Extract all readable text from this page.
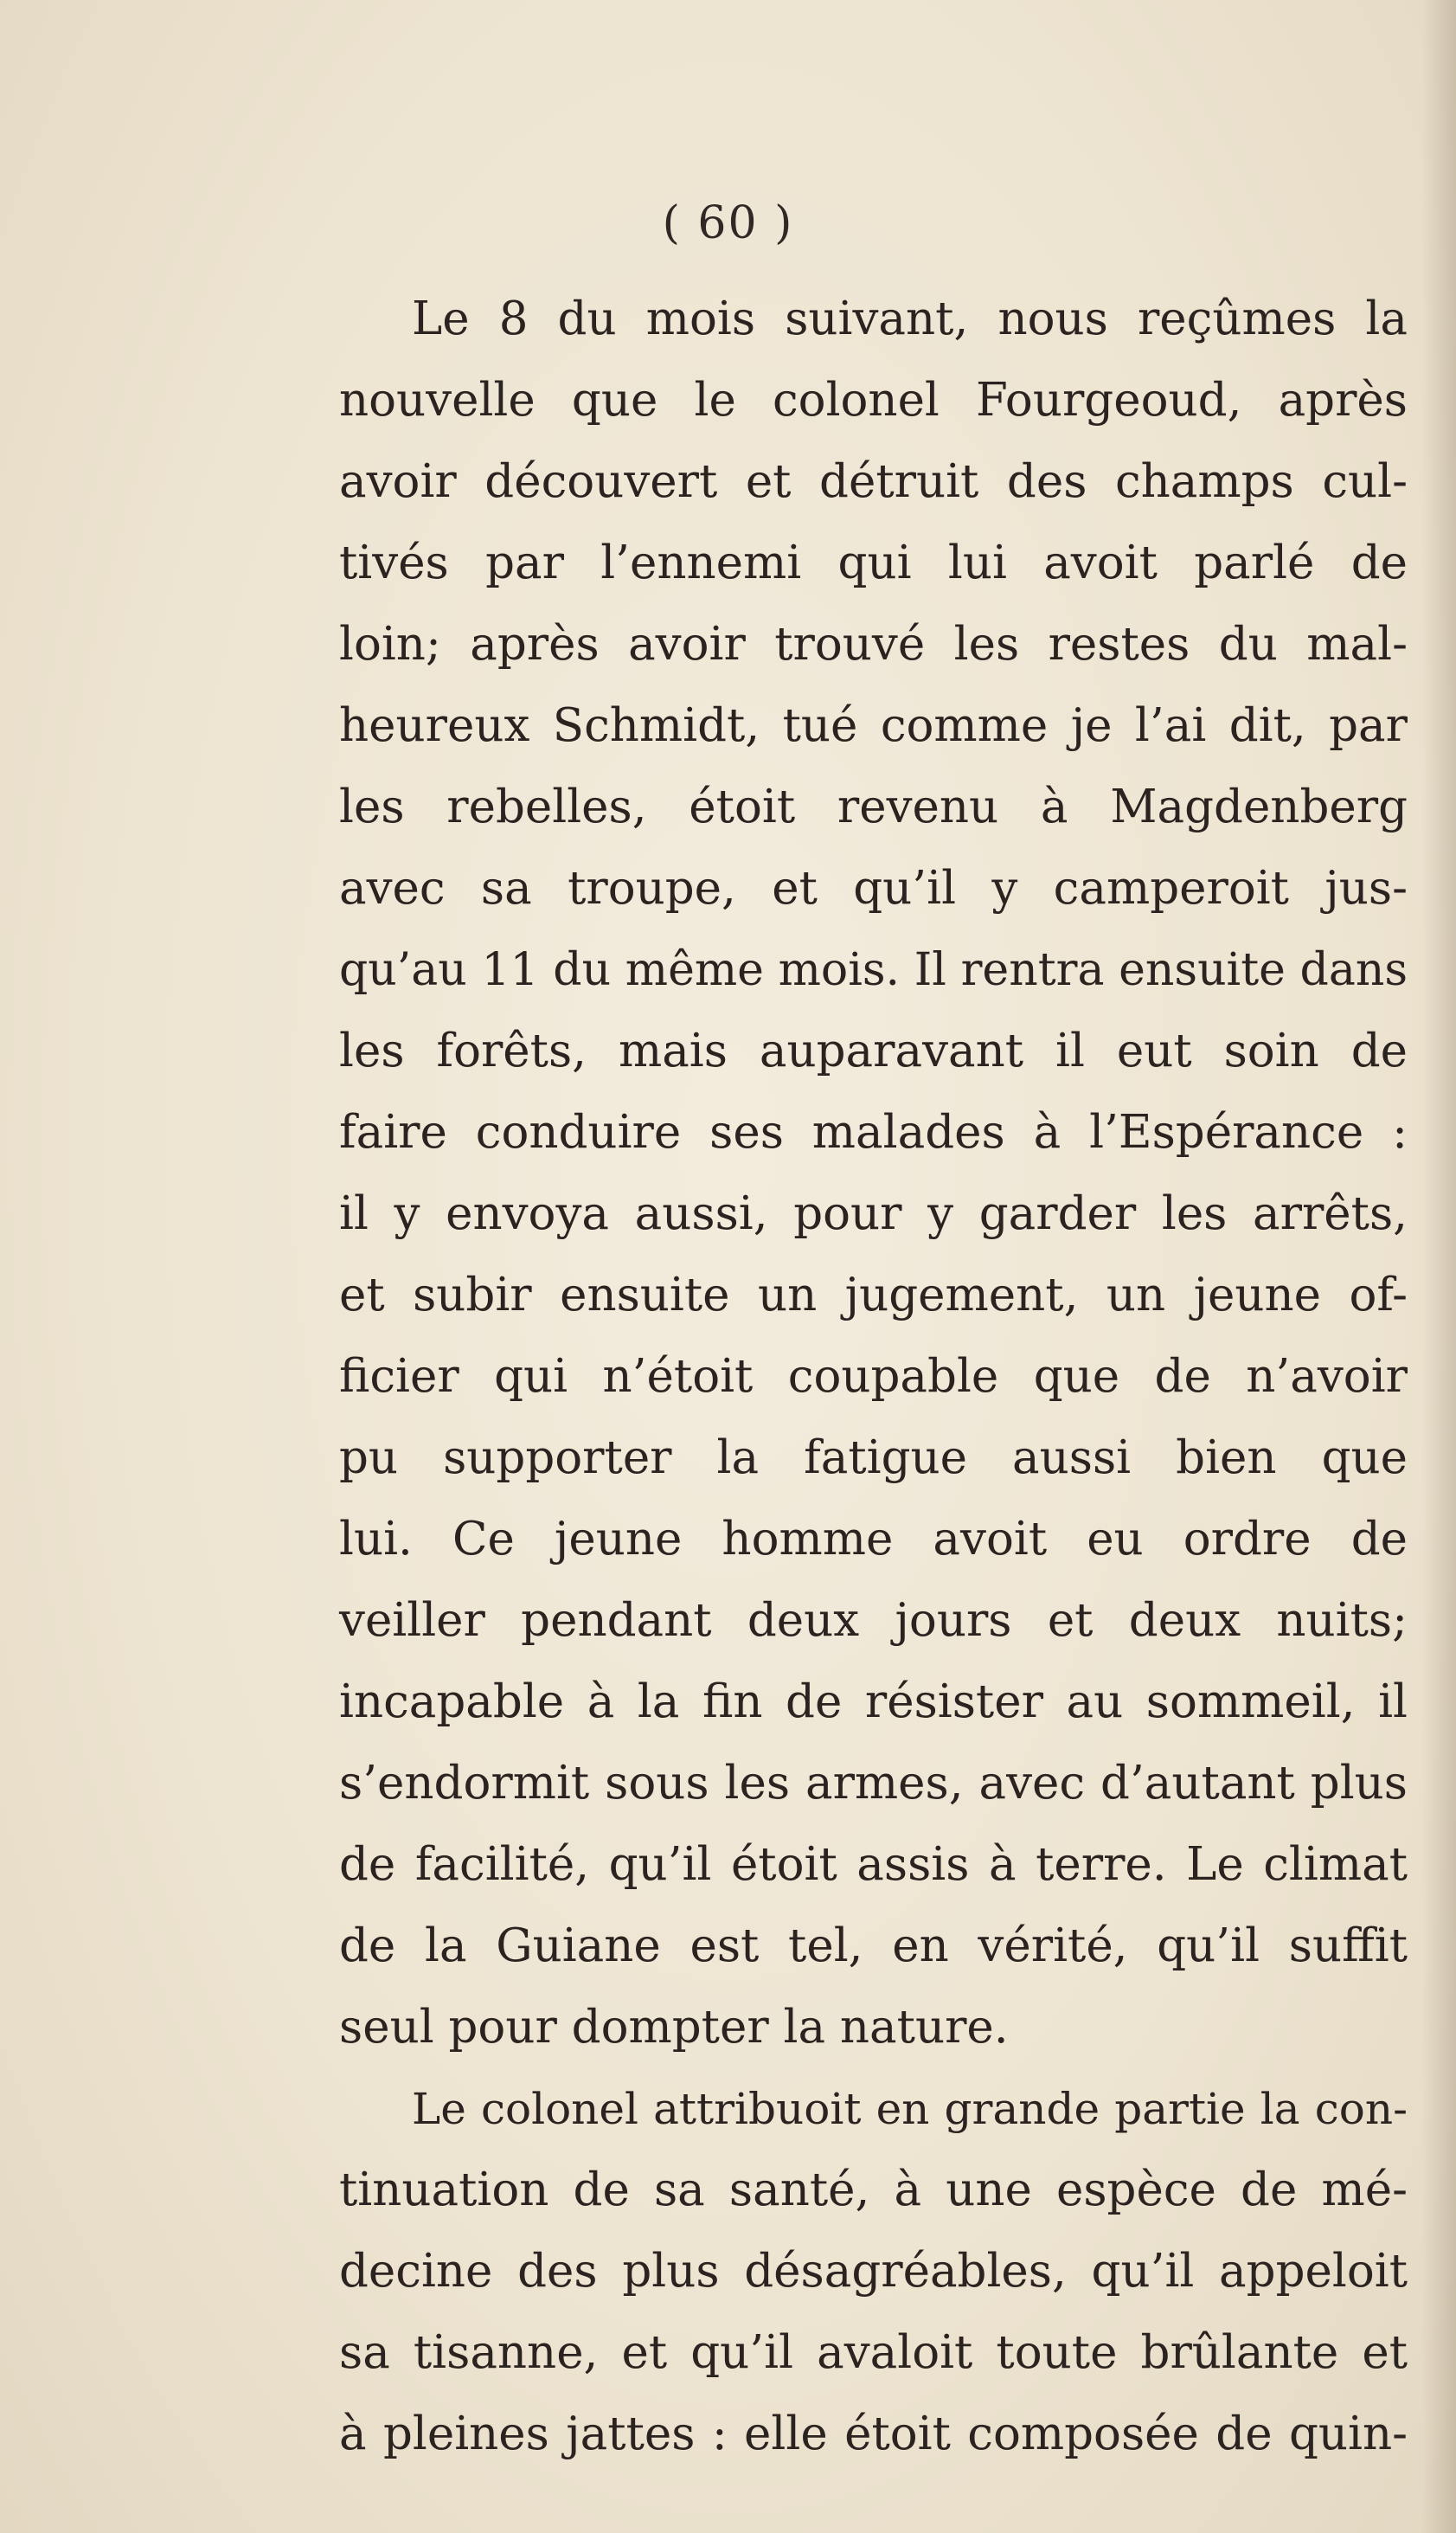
( 60 )
Le 8 du mois suivant, nous reçûmes la
nouvelle que le colonel Fourgeoud, après
avoir découvert et détruit des champs cul-
tivés par l’ennemi qui lui avoit parlé de
loin; après avoir trouvé les restes du mal-
heureux Schmidt, tué comme je l’ai dit, par
les rebelles, étoit revenu à Magdenberg
avec sa troupe, et qu’il y camperoit jus-
qu’au 11 du même mois. Il rentra ensuite dans
les forêts, mais auparavant il eut soin de
faire conduire ses malades à l’Espérance :
il y envoya aussi, pour y garder les arrêts,
et subir ensuite un jugement, un jeune of-
ficier qui n’étoit coupable que de n’avoir
pu supporter la fatigue aussi bien que
lui. Ce jeune homme avoit eu ordre de
veiller pendant deux jours et deux nuits;
incapable à la fin de résister au sommeil, il
s’endormit sous les armes, avec d’autant plus
de facilité, qu’il étoit assis à terre. Le climat
de la Guiane est tel, en vérité, qu’il suffit
seul pour dompter la nature.
Le colonel attribuoit en grande partie la con-
tinuation de sa santé, à une espèce de mé-
decine des plus désagréables, qu’il appeloit
sa tisanne, et qu’il avaloit toute brûlante et
à pleines jattes : elle étoit composée de quin-
